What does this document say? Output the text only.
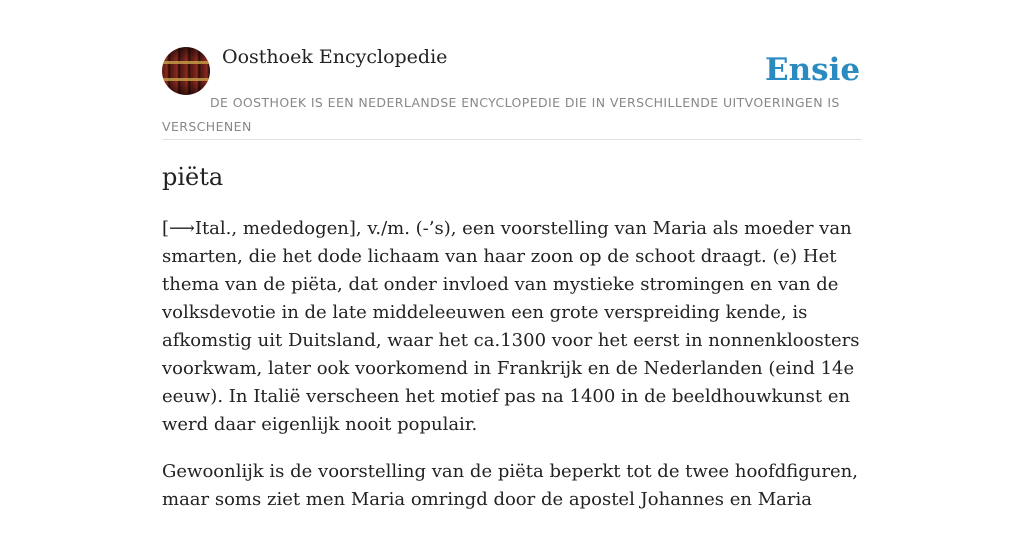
Oosthoek Encyclopedie	Ensie
DE OOSTHOEK IS EEN NEDERLANDSE ENCYCLOPEDIE DIE IN VERSCHILLENDE UITVOERINGEN IS VERSCHENEN
piëta

[⟶Ital., mededogen], v./m. (-’s), een voorstelling van Maria als moeder van smarten, die het dode lichaam van haar zoon op de schoot draagt. (e) Het thema van de piëta, dat onder invloed van mystieke stromingen en van de volksdevotie in de late middeleeuwen een grote verspreiding kende, is afkomstig uit Duitsland, waar het ca.1300 voor het eerst in nonnenkloosters voorkwam, later ook voorkomend in Frankrijk en de Nederlanden (eind 14e eeuw). In Italië verscheen het motief pas na 1400 in de beeldhouwkunst en werd daar eigenlijk nooit populair.

Gewoonlijk is de voorstelling van de piëta beperkt tot de twee hoofdfiguren, maar soms ziet men Maria omringd door de apostel Johannes en Maria
